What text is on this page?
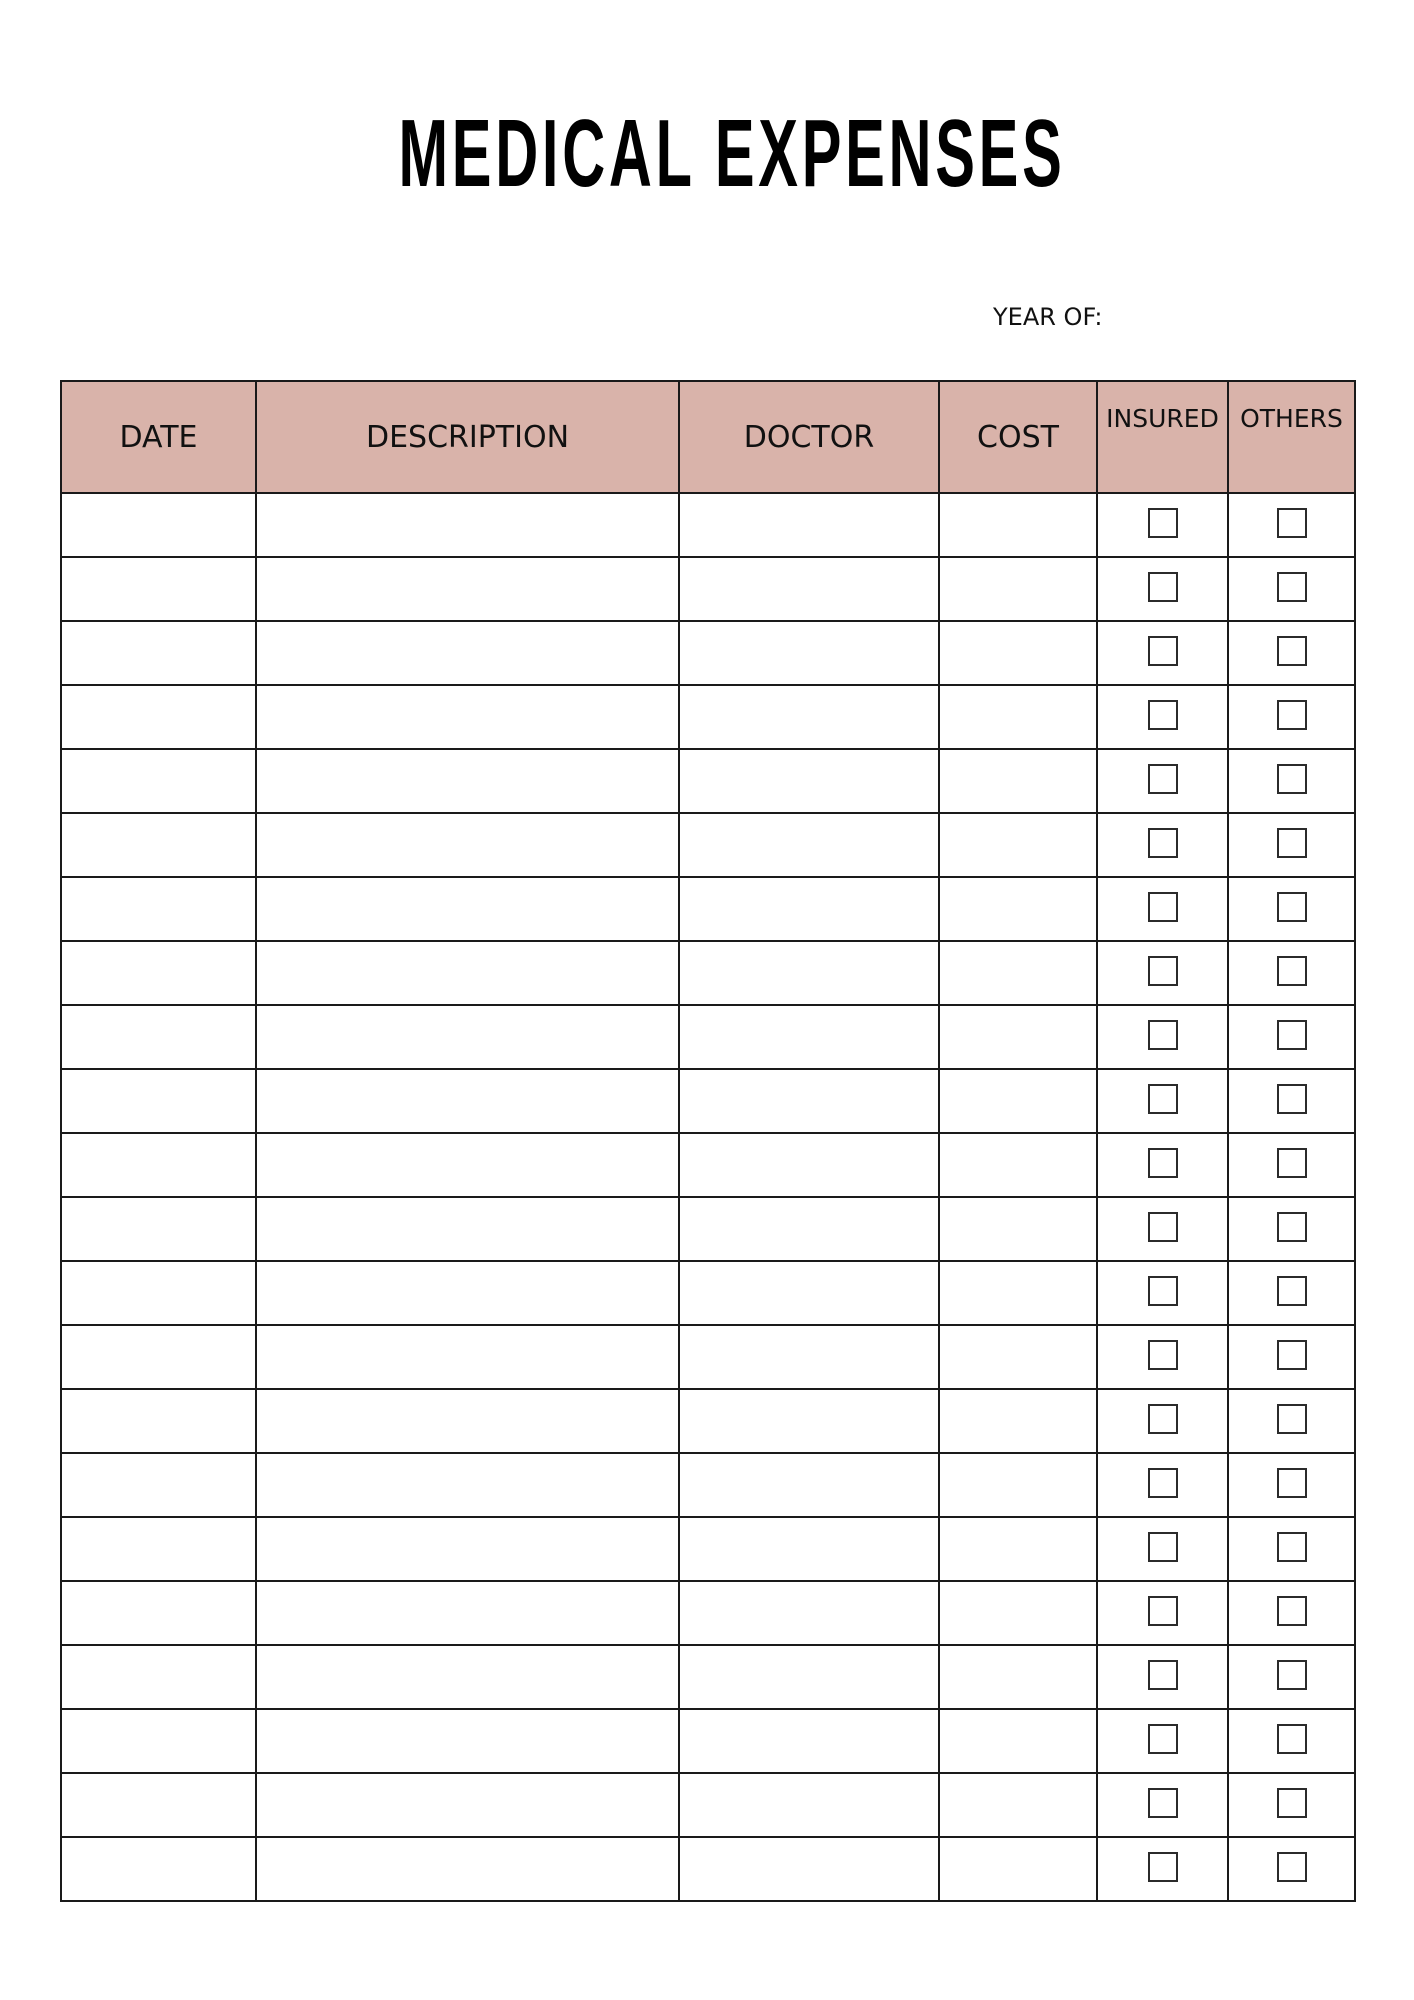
MEDICAL EXPENSES
YEAR OF:
DATE	DESCRIPTION	DOCTOR	COST	INSURED	OTHERS
